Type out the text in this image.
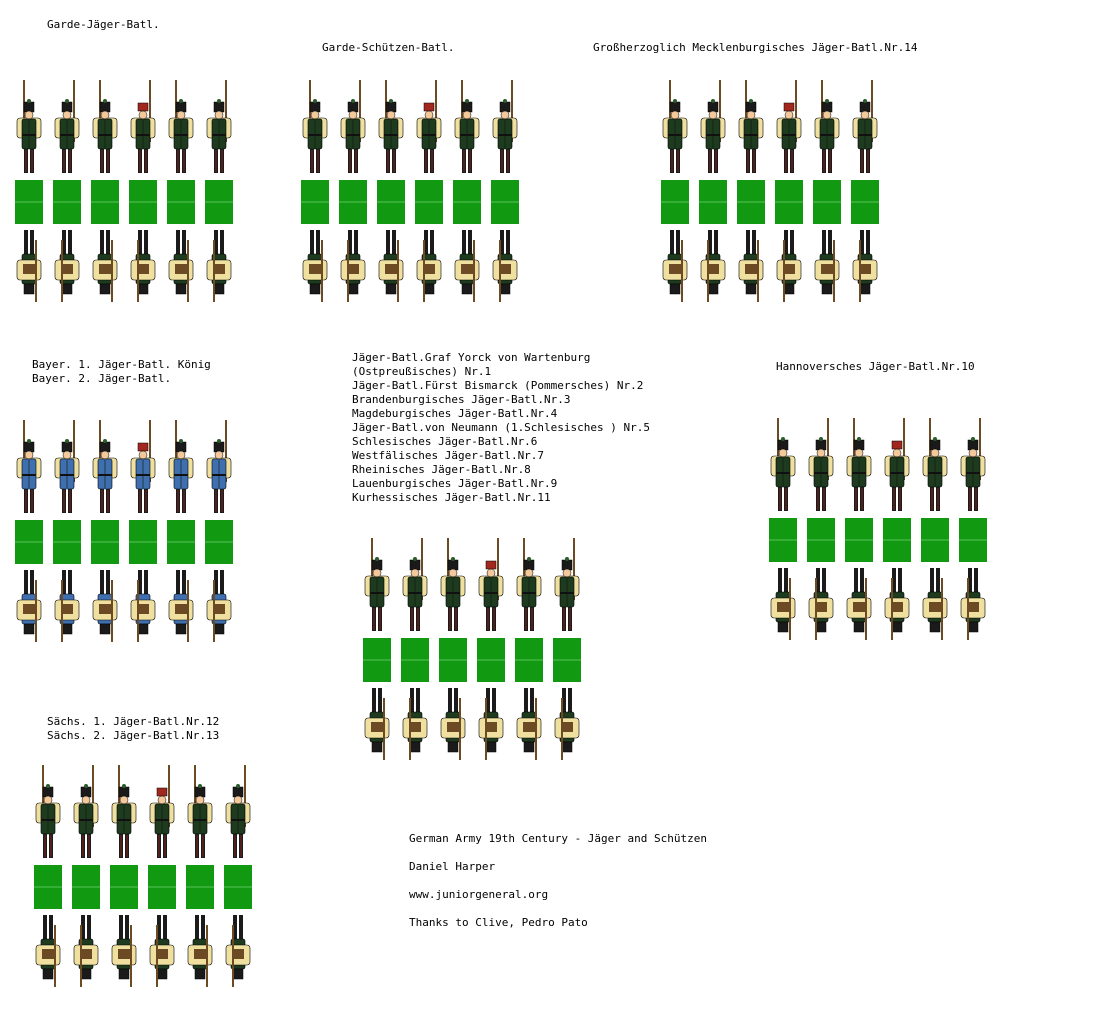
Garde-Jäger-Batl.
Garde-Schützen-Batl.	Großherzoglich Mecklenburgisches Jäger-Batl.Nr.14
Bayer. 1. Jäger-Batl. König
Bayer. 2. Jäger-Batl.
Jäger-Batl.Graf Yorck von Wartenburg
(Ostpreußisches) Nr.1
Jäger-Batl.Fürst Bismarck (Pommersches) Nr.2
Brandenburgisches Jäger-Batl.Nr.3
Magdeburgisches Jäger-Batl.Nr.4
Jäger-Batl.von Neumann (1.Schlesisches ) Nr.5
Schlesisches Jäger-Batl.Nr.6
Westfälisches Jäger-Batl.Nr.7
Rheinisches Jäger-Batl.Nr.8
Lauenburgisches Jäger-Batl.Nr.9
Kurhessisches Jäger-Batl.Nr.11
Hannoversches Jäger-Batl.Nr.10
Sächs. 1. Jäger-Batl.Nr.12
Sächs. 2. Jäger-Batl.Nr.13
German Army 19th Century - Jäger and Schützen
Daniel Harper
www.juniorgeneral.org
Thanks to Clive, Pedro Pato
